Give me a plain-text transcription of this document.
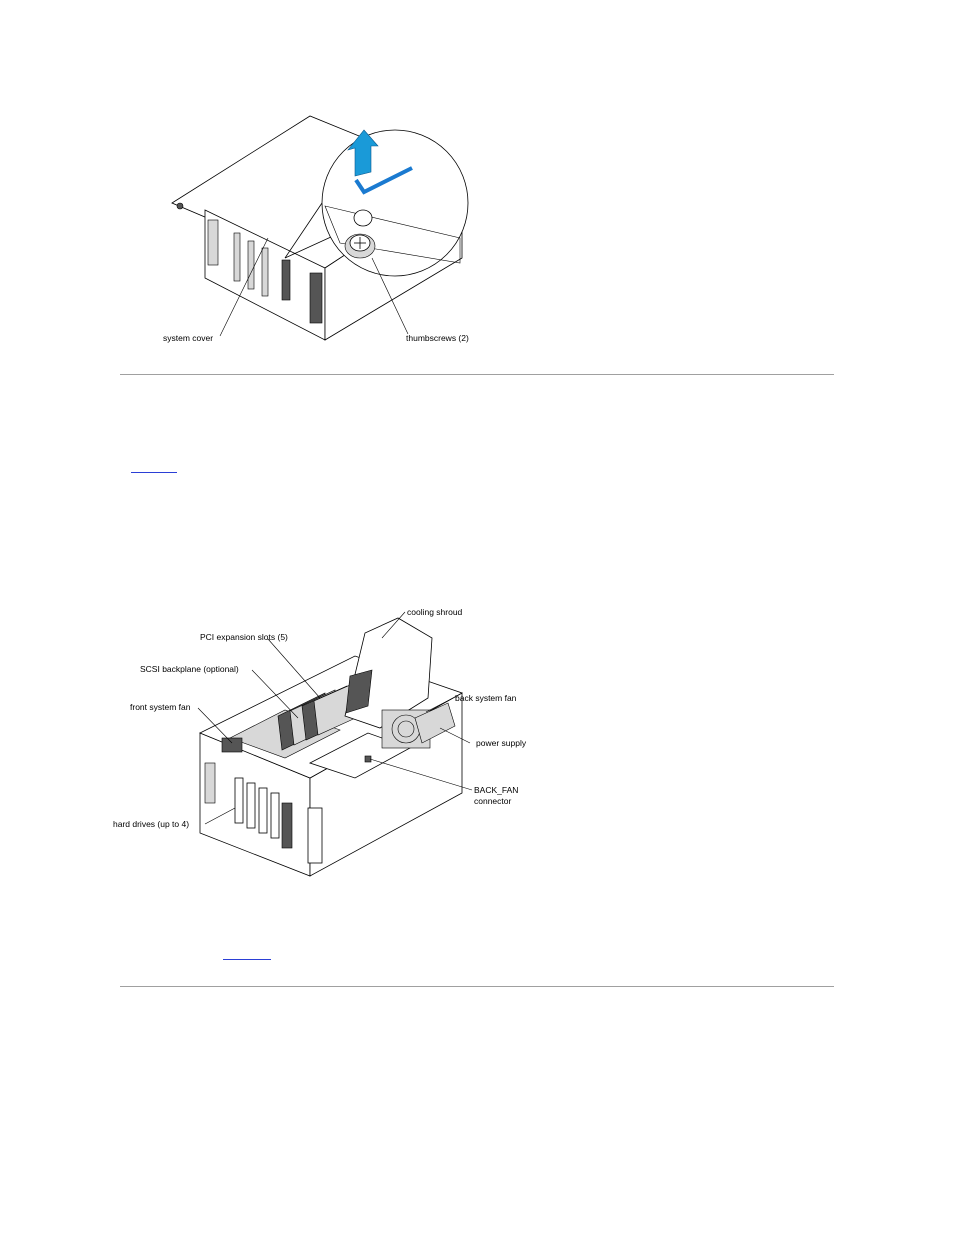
system cover	thumbscrews (2)
cooling shroud
PCI expansion slots (5)
SCSI backplane (optional)
front system fan
back system fan
power supply
BACK_FAN
connector
hard drives (up to 4)
